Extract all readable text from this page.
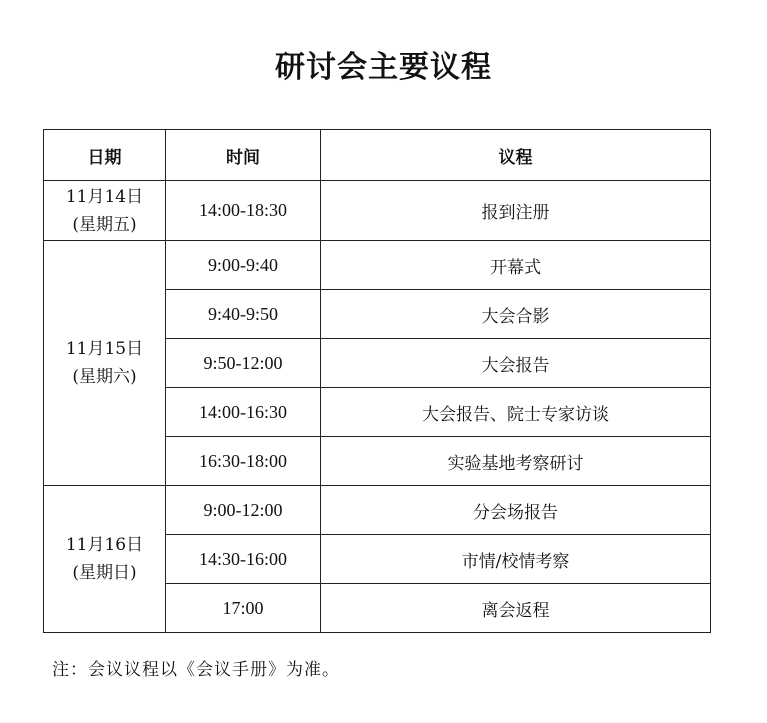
研讨会主要议程
日期	时间	议程

11月14日
(星期五)	14:00-18:30	报到注册

11月15日
(星期六)	9:00-9:40	开幕式
	9:40-9:50	大会合影
	9:50-12:00	大会报告
	14:00-16:30	大会报告、院士专家访谈
	16:30-18:00	实验基地考察研讨

11月16日
(星期日)	9:00-12:00	分会场报告
	14:30-16:00	市情/校情考察
	17:00	离会返程
注：会议议程以《会议手册》为准。
